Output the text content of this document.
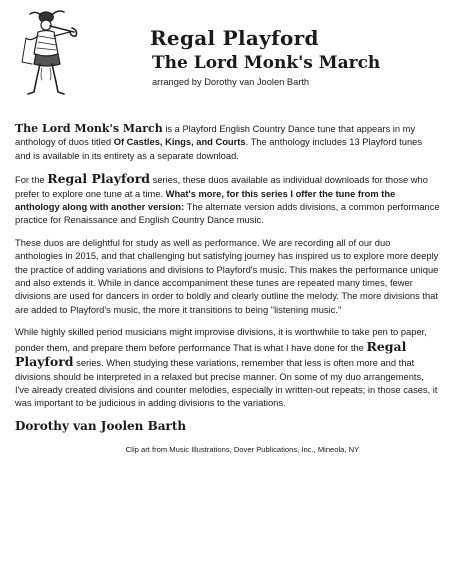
Regal Playford
The Lord Monk's March
arranged by Dorothy van Joolen Barth

The Lord Monk's March is a Playford English Country Dance tune that appears in my anthology of duos titled Of Castles, Kings, and Courts. The anthology includes 13 Playford tunes and is available in its entirety as a separate download.

For the Regal Playford series, these duos available as individual downloads for those who prefer to explore one tune at a time. What's more, for this series I offer the tune from the anthology along with another version: The alternate version adds divisions, a common performance practice for Renaissance and English Country Dance music.

These duos are delightful for study as well as performance. We are recording all of our duo anthologies in 2015, and that challenging but satisfying journey has inspired us to explore more deeply the practice of adding variations and divisions to Playford's music. This makes the performance unique and also extends it. While in dance accompaniment these tunes are repeated many times, fewer divisions are used for dancers in order to boldly and clearly outline the melody. The more divisions that are added to Playford's music, the more it transitions to being "listening music."

While highly skilled period musicians might improvise divisions, it is worthwhile to take pen to paper, ponder them, and prepare them before performance That is what I have done for the Regal Playford series. When studying these variations, remember that less is often more and that divisions should be interpreted in a relaxed but precise manner. On some of my duo arrangements, I've already created divisions and counter melodies, especially in written-out repeats; in those cases, it was important to be judicious in adding divisions to the variations.

Dorothy van Joolen Barth
Clip art from Music Illustrations, Dover Publications, Inc., Mineola, NY
